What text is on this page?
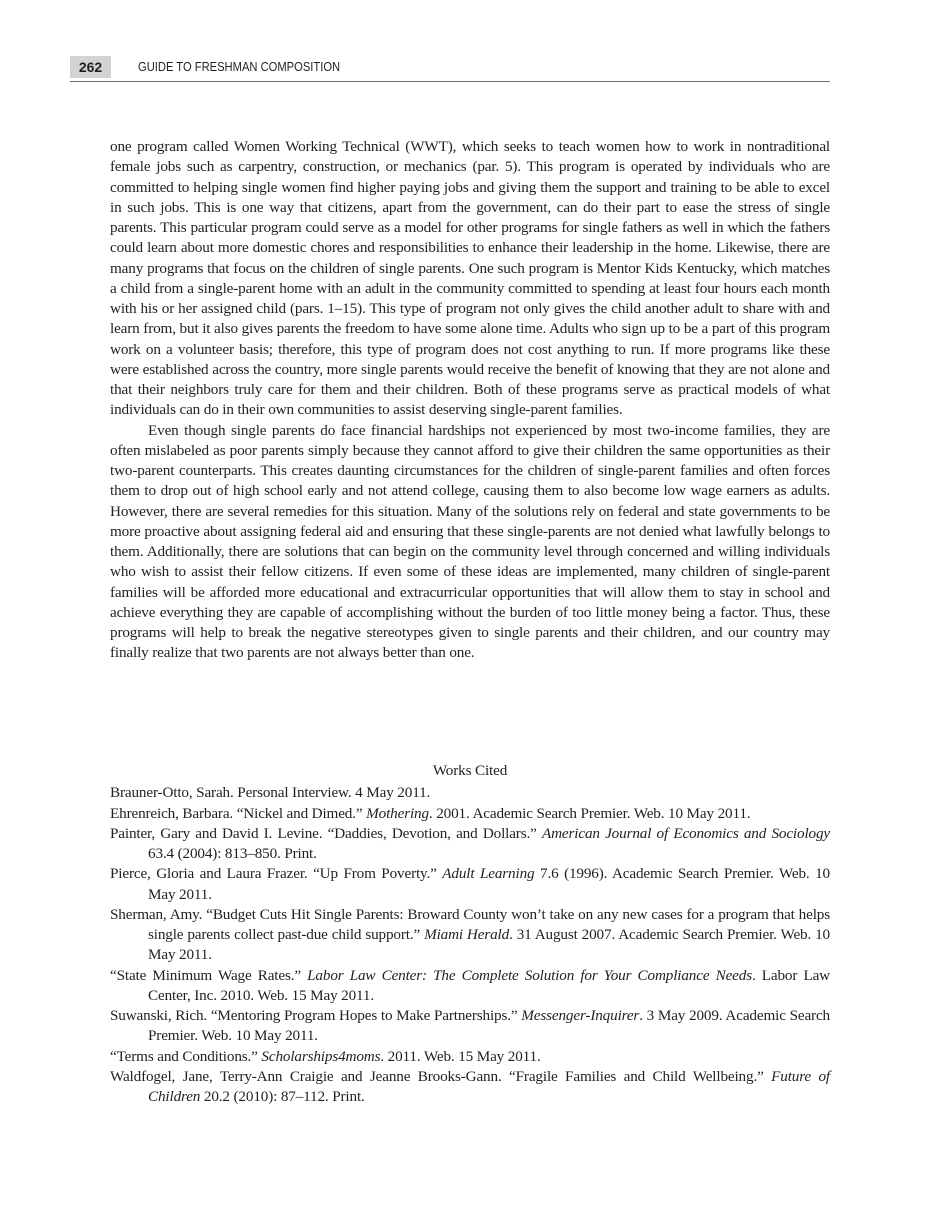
262	GUIDE TO FRESHMAN COMPOSITION

one program called Women Working Technical (WWT), which seeks to teach women how to work in nontraditional female jobs such as carpentry, construction, or mechanics (par. 5). This program is operated by individuals who are committed to helping single women find higher paying jobs and giving them the support and training to be able to excel in such jobs. This is one way that citizens, apart from the government, can do their part to ease the stress of single parents. This particular program could serve as a model for other programs for single fathers as well in which the fathers could learn about more domestic chores and responsibilities to enhance their leadership in the home. Likewise, there are many programs that focus on the children of single parents. One such program is Mentor Kids Kentucky, which matches a child from a single-parent home with an adult in the community committed to spending at least four hours each month with his or her assigned child (pars. 1–15). This type of program not only gives the child another adult to share with and learn from, but it also gives parents the freedom to have some alone time. Adults who sign up to be a part of this program work on a volunteer basis; therefore, this type of program does not cost anything to run. If more programs like these were established across the country, more single parents would receive the benefit of knowing that they are not alone and that their neighbors truly care for them and their children. Both of these programs serve as practical models of what individuals can do in their own communities to assist deserving single-parent families.

Even though single parents do face financial hardships not experienced by most two-income families, they are often mislabeled as poor parents simply because they cannot afford to give their children the same opportunities as their two-parent counterparts. This creates daunting circumstances for the children of single-parent families and often forces them to drop out of high school early and not attend college, causing them to also become low wage earners as adults. However, there are several remedies for this situation. Many of the solutions rely on federal and state governments to be more proactive about assigning federal aid and ensuring that these single-parents are not denied what lawfully belongs to them. Additionally, there are solutions that can begin on the community level through concerned and willing individuals who wish to assist their fellow citizens. If even some of these ideas are implemented, many children of single-parent families will be afforded more educational and extracurricular opportunities that will allow them to stay in school and achieve everything they are capable of accomplishing without the burden of too little money being a factor. Thus, these programs will help to break the negative stereotypes given to single parents and their children, and our country may finally realize that two parents are not always better than one.

Works Cited
Brauner-Otto, Sarah. Personal Interview. 4 May 2011.
Ehrenreich, Barbara. “Nickel and Dimed.” Mothering. 2001. Academic Search Premier. Web. 10 May 2011.
Painter, Gary and David I. Levine. “Daddies, Devotion, and Dollars.” American Journal of Economics and Sociology 63.4 (2004): 813–850. Print.
Pierce, Gloria and Laura Frazer. “Up From Poverty.” Adult Learning 7.6 (1996). Academic Search Premier. Web. 10 May 2011.
Sherman, Amy. “Budget Cuts Hit Single Parents: Broward County won’t take on any new cases for a program that helps single parents collect past-due child support.” Miami Herald. 31 August 2007. Academic Search Premier. Web. 10 May 2011.
“State Minimum Wage Rates.” Labor Law Center: The Complete Solution for Your Compliance Needs. Labor Law Center, Inc. 2010. Web. 15 May 2011.
Suwanski, Rich. “Mentoring Program Hopes to Make Partnerships.” Messenger-Inquirer. 3 May 2009. Academic Search Premier. Web. 10 May 2011.
“Terms and Conditions.” Scholarships4moms. 2011. Web. 15 May 2011.
Waldfogel, Jane, Terry-Ann Craigie and Jeanne Brooks-Gann. “Fragile Families and Child Wellbeing.” Future of Children 20.2 (2010): 87–112. Print.
